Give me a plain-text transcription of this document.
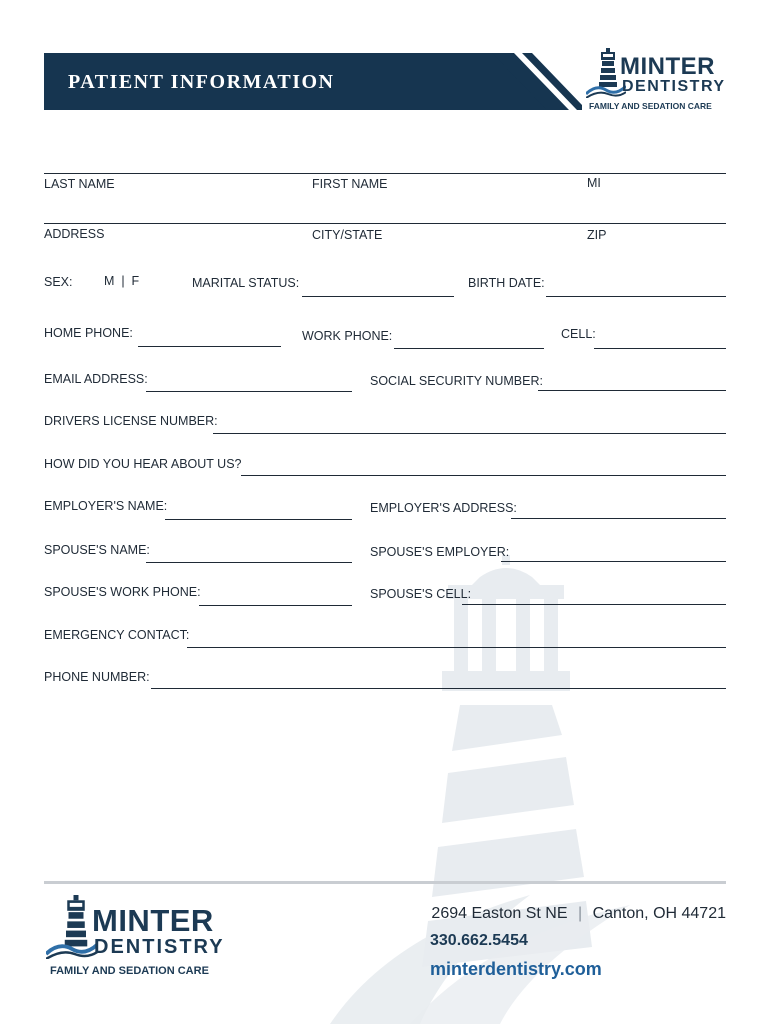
PATIENT INFORMATION
MINTER
DENTISTRY
FAMILY AND SEDATION CARE
LAST NAME	FIRST NAME	MI
ADDRESS	CITY/STATE	ZIP
SEX:	M  |  F	MARITAL STATUS:	BIRTH DATE:
HOME PHONE:	WORK PHONE:	CELL:
EMAIL ADDRESS:	SOCIAL SECURITY NUMBER:
DRIVERS LICENSE NUMBER:
HOW DID YOU HEAR ABOUT US?
EMPLOYER'S NAME:	EMPLOYER'S ADDRESS:
SPOUSE'S NAME:	SPOUSE'S EMPLOYER:
SPOUSE'S WORK PHONE:	SPOUSE'S CELL:
EMERGENCY CONTACT:
PHONE NUMBER:
MINTER
DENTISTRY
FAMILY AND SEDATION CARE
2694 Easton St NE | Canton, OH 44721
330.662.5454
minterdentistry.com
